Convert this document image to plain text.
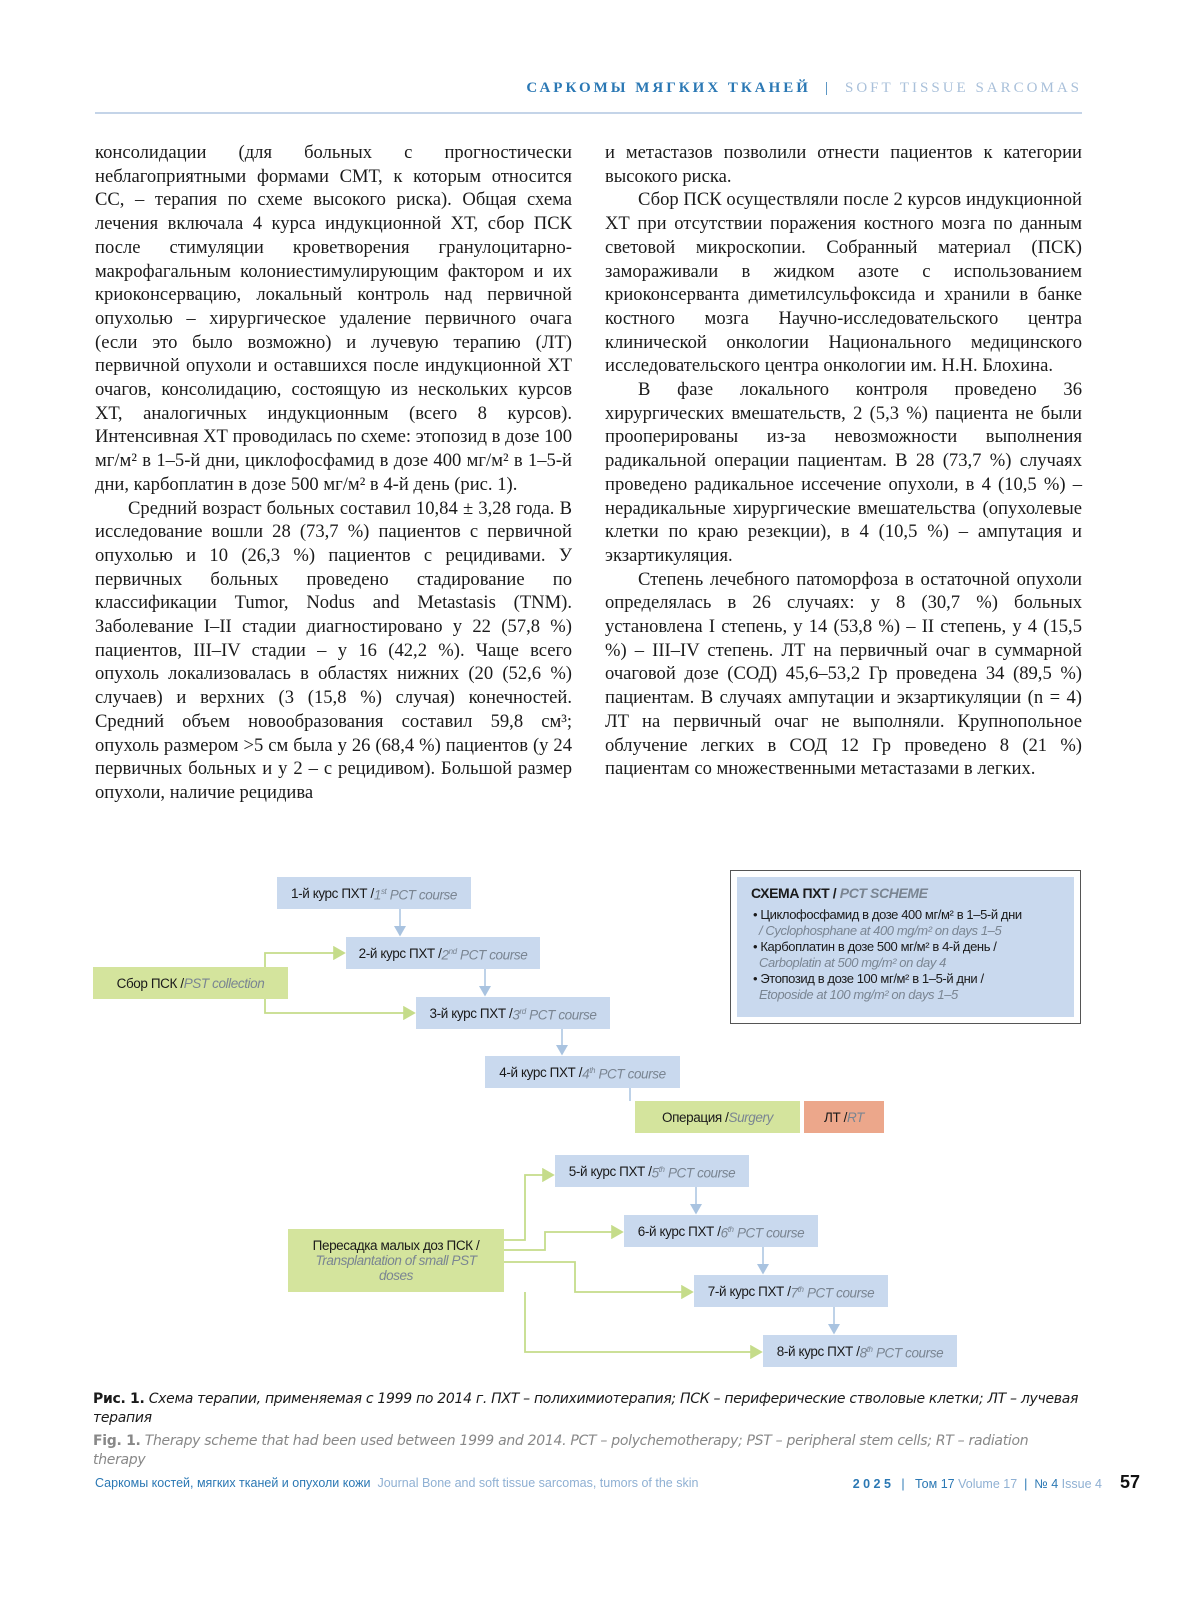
САРКОМЫ МЯГКИХ ТКАНЕЙ | SOFT TISSUE SARCOMAS

консолидации (для больных с прогностически неблагоприятными формами СМТ, к которым относится СС, – терапия по схеме высокого риска). Общая схема лечения включала 4 курса индукционной ХТ, сбор ПСК после стимуляции кроветворения гранулоцитарно-макрофагальным колониестимулирующим фактором и их криоконсервацию, локальный контроль над первичной опухолью – хирургическое удаление первичного очага (если это было возможно) и лучевую терапию (ЛТ) первичной опухоли и оставшихся после индукционной ХТ очагов, консолидацию, состоящую из нескольких курсов ХТ, аналогичных индукционным (всего 8 курсов). Интенсивная ХТ проводилась по схеме: этопозид в дозе 100 мг/м² в 1–5-й дни, циклофосфамид в дозе 400 мг/м² в 1–5-й дни, карбоплатин в дозе 500 мг/м² в 4-й день (рис. 1).

Средний возраст больных составил 10,84 ± 3,28 года. В исследование вошли 28 (73,7 %) пациентов с первичной опухолью и 10 (26,3 %) пациентов с рецидивами. У первичных больных проведено стадирование по классификации Tumor, Nodus and Metastasis (TNM). Заболевание I–II стадии диагностировано у 22 (57,8 %) пациентов, III–IV стадии – у 16 (42,2 %). Чаще всего опухоль локализовалась в областях нижних (20 (52,6 %) случаев) и верхних (3 (15,8 %) случая) конечностей. Средний объем новообразования составил 59,8 см³; опухоль размером >5 см была у 26 (68,4 %) пациентов (у 24 первичных больных и у 2 – с рецидивом). Большой размер опухоли, наличие рецидива

и метастазов позволили отнести пациентов к категории высокого риска.

Сбор ПСК осуществляли после 2 курсов индукционной ХТ при отсутствии поражения костного мозга по данным световой микроскопии. Собранный материал (ПСК) замораживали в жидком азоте с использованием криоконсерванта диметилсульфоксида и хранили в банке костного мозга Научно-исследовательского центра клинической онкологии Национального медицинского исследовательского центра онкологии им. Н.Н. Блохина.

В фазе локального контроля проведено 36 хирургических вмешательств, 2 (5,3 %) пациента не были прооперированы из-за невозможности выполнения радикальной операции пациентам. В 28 (73,7 %) случаях проведено радикальное иссечение опухоли, в 4 (10,5 %) – нерадикальные хирургические вмешательства (опухолевые клетки по краю резекции), в 4 (10,5 %) – ампутация и экзартикуляция.

Степень лечебного патоморфоза в остаточной опухоли определялась в 26 случаях: у 8 (30,7 %) больных установлена I степень, у 14 (53,8 %) – II степень, у 4 (15,5 %) – III–IV степень. ЛТ на первичный очаг в суммарной очаговой дозе (СОД) 45,6–53,2 Гр проведена 34 (89,5 %) пациентам. В случаях ампутации и экзартикуляции (n = 4) ЛТ на первичный очаг не выполняли. Крупнопольное облучение легких в СОД 12 Гр проведено 8 (21 %) пациентам со множественными метастазами в легких.

1-й курс ПХТ / 1st PCT course
2-й курс ПХТ / 2nd PCT course
Сбор ПСК / PST collection
3-й курс ПХТ / 3rd PCT course
4-й курс ПХТ / 4th PCT course
Операция / Surgery	ЛТ / RT
5-й курс ПХТ / 5th PCT course
6-й курс ПХТ / 6th PCT course
Пересадка малых доз ПСК /
Transplantation of small PST doses
7-й курс ПХТ / 7th PCT course
8-й курс ПХТ / 8th PCT course
СХЕМА ПХТ / PCT SCHEME
• Циклофосфамид в дозе 400 мг/м² в 1–5-й дни
/ Cyclophosphane at 400 mg/m² on days 1–5
• Карбоплатин в дозе 500 мг/м² в 4-й день /
Carboplatin at 500 mg/m² on day 4
• Этопозид в дозе 100 мг/м² в 1–5-й дни /
Etoposide at 100 mg/m² on days 1–5
Рис. 1. Схема терапии, применяемая с 1999 по 2014 г. ПХТ – полихимиотерапия; ПСК – периферические стволовые клетки; ЛТ – лучевая терапия
Fig. 1. Therapy scheme that had been used between 1999 and 2014. PCT – polychemotherapy; PST – peripheral stem cells; RT – radiation therapy
Саркомы костей, мягких тканей и опухоли кожи Journal Bone and soft tissue sarcomas, tumors of the skin	2 0 2 5 | Том 17 Volume 17 | № 4 Issue 4 57
